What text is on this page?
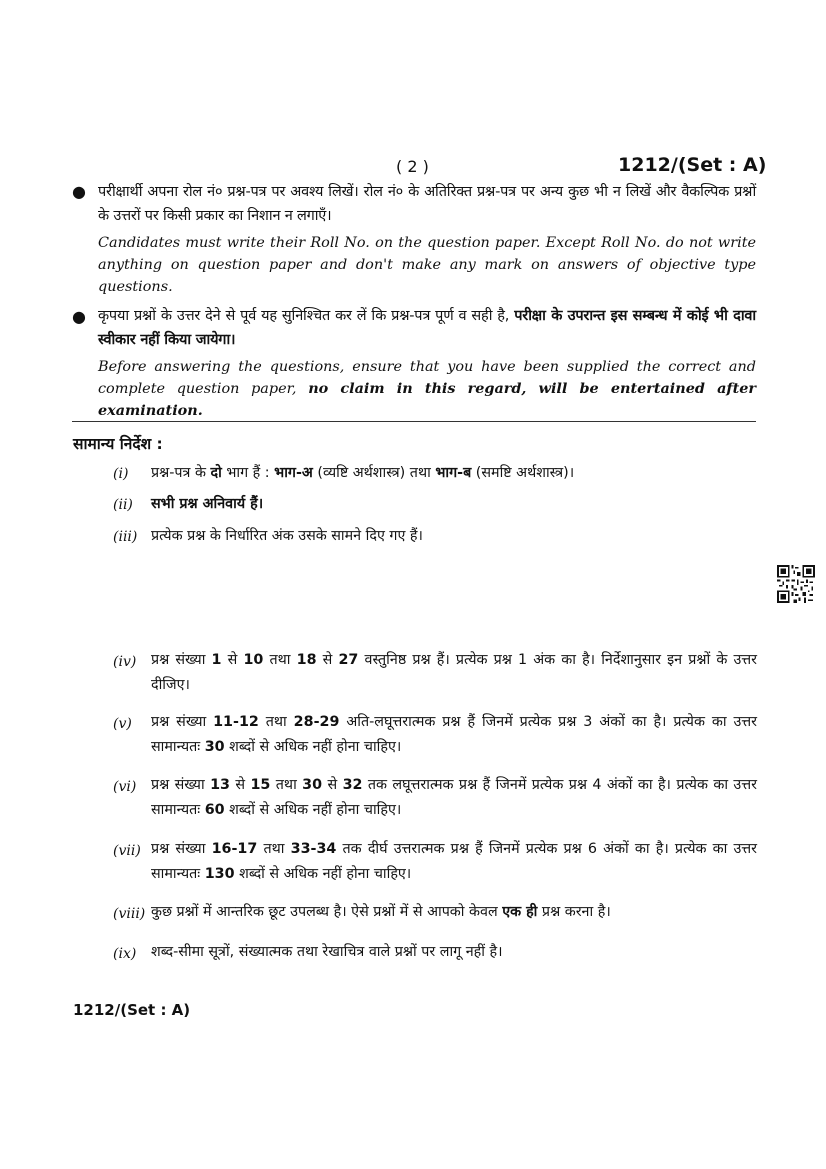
( 2 )	1212/(Set : A)
● परीक्षार्थी अपना रोल नं० प्रश्न-पत्र पर अवश्य लिखें। रोल नं० के अतिरिक्त प्रश्न-पत्र पर अन्य कुछ भी न लिखें और वैकल्पिक प्रश्नों के उत्तरों पर किसी प्रकार का निशान न लगाएँ।
Candidates must write their Roll No. on the question paper. Except Roll No. do not write anything on question paper and don't make any mark on answers of objective type questions.
● कृपया प्रश्नों के उत्तर देने से पूर्व यह सुनिश्चित कर लें कि प्रश्न-पत्र पूर्ण व सही है, परीक्षा के उपरान्त इस सम्बन्ध में कोई भी दावा स्वीकार नहीं किया जायेगा।
Before answering the questions, ensure that you have been supplied the correct and complete question paper, no claim in this regard, will be entertained after examination.
सामान्य निर्देश :
(i) प्रश्न-पत्र के दो भाग हैं : भाग-अ (व्यष्टि अर्थशास्त्र) तथा भाग-ब (समष्टि अर्थशास्त्र)।
(ii) सभी प्रश्न अनिवार्य हैं।
(iii) प्रत्येक प्रश्न के निर्धारित अंक उसके सामने दिए गए हैं।
(iv) प्रश्न संख्या 1 से 10 तथा 18 से 27 वस्तुनिष्ठ प्रश्न हैं। प्रत्येक प्रश्न 1 अंक का है। निर्देशानुसार इन प्रश्नों के उत्तर दीजिए।
(v) प्रश्न संख्या 11-12 तथा 28-29 अति-लघूत्तरात्मक प्रश्न हैं जिनमें प्रत्येक प्रश्न 3 अंकों का है। प्रत्येक का उत्तर सामान्यतः 30 शब्दों से अधिक नहीं होना चाहिए।
(vi) प्रश्न संख्या 13 से 15 तथा 30 से 32 तक लघूत्तरात्मक प्रश्न हैं जिनमें प्रत्येक प्रश्न 4 अंकों का है। प्रत्येक का उत्तर सामान्यतः 60 शब्दों से अधिक नहीं होना चाहिए।
(vii) प्रश्न संख्या 16-17 तथा 33-34 तक दीर्घ उत्तरात्मक प्रश्न हैं जिनमें प्रत्येक प्रश्न 6 अंकों का है। प्रत्येक का उत्तर सामान्यतः 130 शब्दों से अधिक नहीं होना चाहिए।
(viii) कुछ प्रश्नों में आन्तरिक छूट उपलब्ध है। ऐसे प्रश्नों में से आपको केवल एक ही प्रश्न करना है।
(ix) शब्द-सीमा सूत्रों, संख्यात्मक तथा रेखाचित्र वाले प्रश्नों पर लागू नहीं है।
1212/(Set : A)
